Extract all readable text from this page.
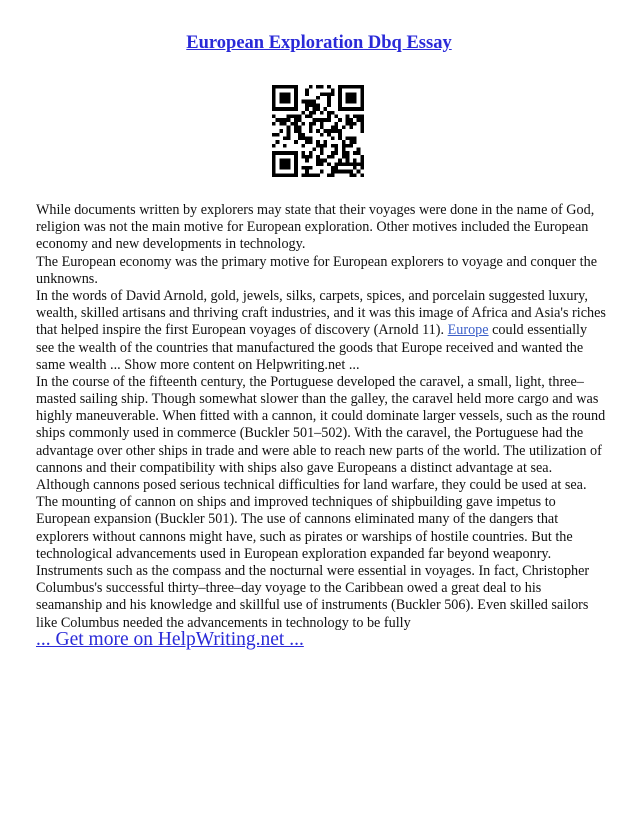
European Exploration Dbq Essay
While documents written by explorers may state that their voyages were done in the name of God,
religion was not the main motive for European exploration. Other motives included the European
economy and new developments in technology.
The European economy was the primary motive for European explorers to voyage and conquer the
unknowns.
In the words of David Arnold, gold, jewels, silks, carpets, spices, and porcelain suggested luxury,
wealth, skilled artisans and thriving craft industries, and it was this image of Africa and Asia's riches
that helped inspire the first European voyages of discovery (Arnold 11). Europe could essentially
see the wealth of the countries that manufactured the goods that Europe received and wanted the
same wealth ... Show more content on Helpwriting.net ...
In the course of the fifteenth century, the Portuguese developed the caravel, a small, light, three–
masted sailing ship. Though somewhat slower than the galley, the caravel held more cargo and was
highly maneuverable. When fitted with a cannon, it could dominate larger vessels, such as the round
ships commonly used in commerce (Buckler 501–502). With the caravel, the Portuguese had the
advantage over other ships in trade and were able to reach new parts of the world. The utilization of
cannons and their compatibility with ships also gave Europeans a distinct advantage at sea.
Although cannons posed serious technical difficulties for land warfare, they could be used at sea.
The mounting of cannon on ships and improved techniques of shipbuilding gave impetus to
European expansion (Buckler 501). The use of cannons eliminated many of the dangers that
explorers without cannons might have, such as pirates or warships of hostile countries. But the
technological advancements used in European exploration expanded far beyond weaponry.
Instruments such as the compass and the nocturnal were essential in voyages. In fact, Christopher
Columbus's successful thirty–three–day voyage to the Caribbean owed a great deal to his
seamanship and his knowledge and skillful use of instruments (Buckler 506). Even skilled sailors
like Columbus needed the advancements in technology to be fully
... Get more on HelpWriting.net ...
